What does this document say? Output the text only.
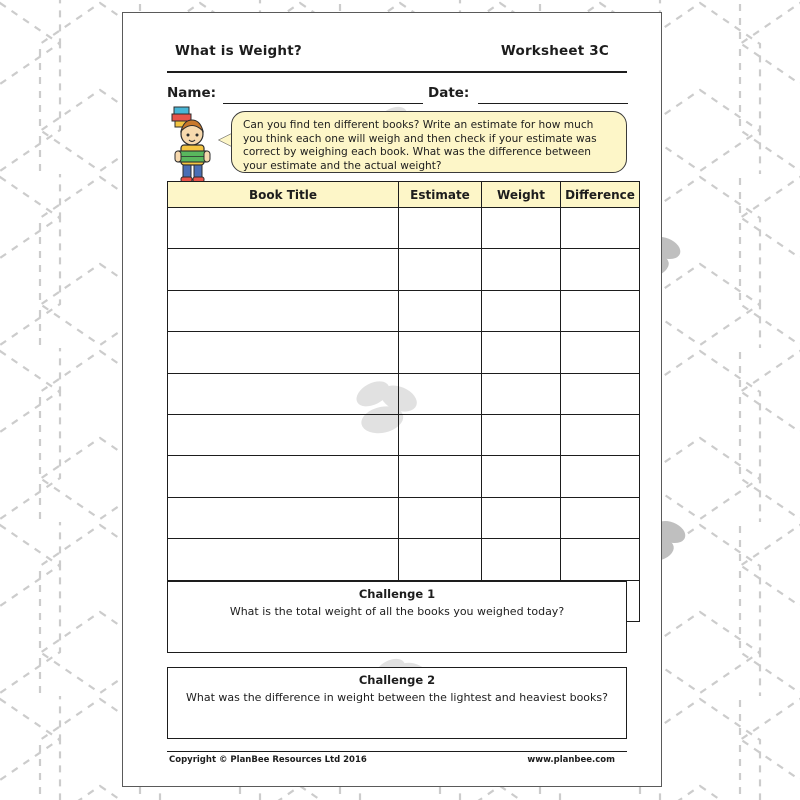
What is Weight?	Worksheet 3C
Name:	Date:
Can you find ten different books? Write an estimate for how much you think each one will weigh and then check if your estimate was correct by weighing each book. What was the difference between your estimate and the actual weight?
Book Title	Estimate	Weight	Difference

Challenge 1
What is the total weight of all the books you weighed today?
Challenge 2
What was the difference in weight between the lightest and heaviest books?
Copyright © PlanBee Resources Ltd 2016	www.planbee.com
